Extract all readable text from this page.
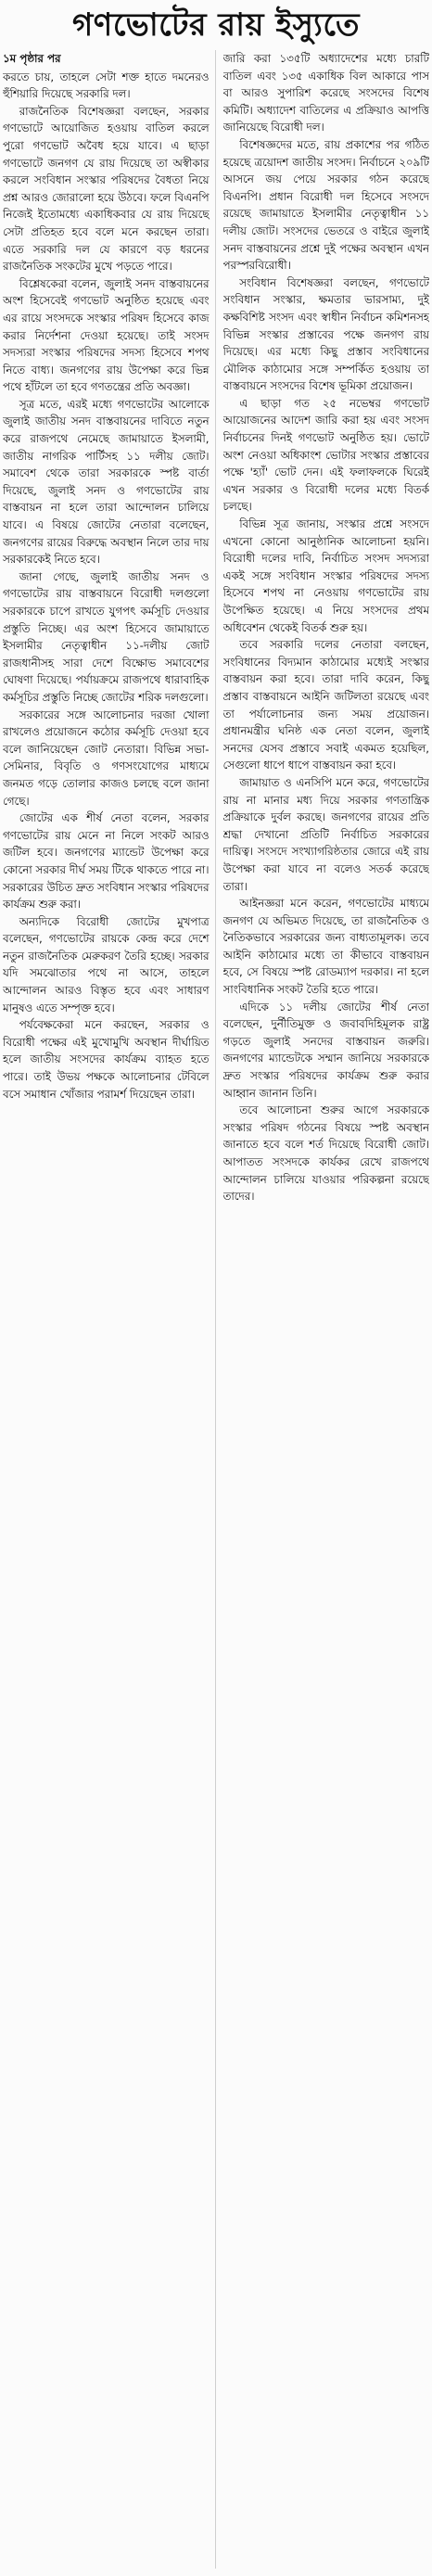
গণভোটের রায় ইস্যুতে
১ম পৃষ্ঠার পর

করতে চায়, তাহলে সেটা শক্ত হাতে দমনেরও হুঁশিয়ারি দিয়েছে সরকারি দল।

রাজনৈতিক বিশেষজ্ঞরা বলছেন, সরকার গণভোটে আয়োজিত হওয়ায় বাতিল করলে পুরো গণভোট অবৈধ হয়ে যাবে। এ ছাড়া গণভোটে জনগণ যে রায় দিয়েছে তা অস্বীকার করলে সংবিধান সংস্কার পরিষদের বৈধতা নিয়ে প্রশ্ন আরও জোরালো হয়ে উঠবে। ফলে বিএনপি নিজেই ইতোমধ্যে একাধিকবার যে রায় দিয়েছে সেটা প্রতিহত হবে বলে মনে করছেন তারা। এতে সরকারি দল যে কারণে বড় ধরনের রাজনৈতিক সংকটের মুখে পড়তে পারে।

বিশ্লেষকেরা বলেন, জুলাই সনদ বাস্তবায়নের অংশ হিসেবেই গণভোট অনুষ্ঠিত হয়েছে এবং এর রায়ে সংসদকে সংস্কার পরিষদ হিসেবে কাজ করার নির্দেশনা দেওয়া হয়েছে। তাই সংসদ সদস্যরা সংস্কার পরিষদের সদস্য হিসেবে শপথ নিতে বাধ্য। জনগণের রায় উপেক্ষা করে ভিন্ন পথে হাঁটলে তা হবে গণতন্ত্রের প্রতি অবজ্ঞা।

সূত্র মতে, এরই মধ্যে গণভোটের আলোকে জুলাই জাতীয় সনদ বাস্তবায়নের দাবিতে নতুন করে রাজপথে নেমেছে জামায়াতে ইসলামী, জাতীয় নাগরিক পার্টিসহ ১১ দলীয় জোট। সমাবেশ থেকে তারা সরকারকে স্পষ্ট বার্তা দিয়েছে, জুলাই সনদ ও গণভোটের রায় বাস্তবায়ন না হলে তারা আন্দোলন চালিয়ে যাবে। এ বিষয়ে জোটের নেতারা বলেছেন, জনগণের রায়ের বিরুদ্ধে অবস্থান নিলে তার দায় সরকারকেই নিতে হবে।

জানা গেছে, জুলাই জাতীয় সনদ ও গণভোটের রায় বাস্তবায়নে বিরোধী দলগুলো সরকারকে চাপে রাখতে যুগপৎ কর্মসূচি দেওয়ার প্রস্তুতি নিচ্ছে। এর অংশ হিসেবে জামায়াতে ইসলামীর নেতৃত্বাধীন ১১-দলীয় জোট রাজধানীসহ সারা দেশে বিক্ষোভ সমাবেশের ঘোষণা দিয়েছে। পর্যায়ক্রমে রাজপথে ধারাবাহিক কর্মসূচির প্রস্তুতি নিচ্ছে জোটের শরিক দলগুলো।

সরকারের সঙ্গে আলোচনার দরজা খোলা রাখলেও প্রয়োজনে কঠোর কর্মসূচি দেওয়া হবে বলে জানিয়েছেন জোট নেতারা। বিভিন্ন সভা-সেমিনার, বিবৃতি ও গণসংযোগের মাধ্যমে জনমত গড়ে তোলার কাজও চলছে বলে জানা গেছে।

জোটের এক শীর্ষ নেতা বলেন, সরকার গণভোটের রায় মেনে না নিলে সংকট আরও জটিল হবে। জনগণের ম্যান্ডেট উপেক্ষা করে কোনো সরকার দীর্ঘ সময় টিকে থাকতে পারে না। সরকারের উচিত দ্রুত সংবিধান সংস্কার পরিষদের কার্যক্রম শুরু করা।

অন্যদিকে বিরোধী জোটের মুখপাত্র বলেছেন, গণভোটের রায়কে কেন্দ্র করে দেশে নতুন রাজনৈতিক মেরুকরণ তৈরি হচ্ছে। সরকার যদি সমঝোতার পথে না আসে, তাহলে আন্দোলন আরও বিস্তৃত হবে এবং সাধারণ মানুষও এতে সম্পৃক্ত হবে।

পর্যবেক্ষকেরা মনে করছেন, সরকার ও বিরোধী পক্ষের এই মুখোমুখি অবস্থান দীর্ঘায়িত হলে জাতীয় সংসদের কার্যক্রম ব্যাহত হতে পারে। তাই উভয় পক্ষকে আলোচনার টেবিলে বসে সমাধান খোঁজার পরামর্শ দিয়েছেন তারা।

জারি করা ১৩৫টি অধ্যাদেশের মধ্যে চারটি বাতিল এবং ১৩৫ একাধিক বিল আকারে পাস বা আরও সুপারিশ করেছে সংসদের বিশেষ কমিটি। অধ্যাদেশ বাতিলের এ প্রক্রিয়াও আপত্তি জানিয়েছে বিরোধী দল।

বিশেষজ্ঞদের মতে, রায় প্রকাশের পর গঠিত হয়েছে ত্রয়োদশ জাতীয় সংসদ। নির্বাচনে ২০৯টি আসনে জয় পেয়ে সরকার গঠন করেছে বিএনপি। প্রধান বিরোধী দল হিসেবে সংসদে রয়েছে জামায়াতে ইসলামীর নেতৃত্বাধীন ১১ দলীয় জোট। সংসদের ভেতরে ও বাইরে জুলাই সনদ বাস্তবায়নের প্রশ্নে দুই পক্ষের অবস্থান এখন পরস্পরবিরোধী।

সংবিধান বিশেষজ্ঞরা বলছেন, গণভোটে সংবিধান সংস্কার, ক্ষমতার ভারসাম্য, দুই কক্ষবিশিষ্ট সংসদ এবং স্বাধীন নির্বাচন কমিশনসহ বিভিন্ন সংস্কার প্রস্তাবের পক্ষে জনগণ রায় দিয়েছে। এর মধ্যে কিছু প্রস্তাব সংবিধানের মৌলিক কাঠামোর সঙ্গে সম্পর্কিত হওয়ায় তা বাস্তবায়নে সংসদের বিশেষ ভূমিকা প্রয়োজন।

এ ছাড়া গত ২৫ নভেম্বর গণভোট আয়োজনের আদেশ জারি করা হয় এবং সংসদ নির্বাচনের দিনই গণভোট অনুষ্ঠিত হয়। ভোটে অংশ নেওয়া অধিকাংশ ভোটার সংস্কার প্রস্তাবের পক্ষে 'হ্যাঁ' ভোট দেন। এই ফলাফলকে ঘিরেই এখন সরকার ও বিরোধী দলের মধ্যে বিতর্ক চলছে।

বিভিন্ন সূত্র জানায়, সংস্কার প্রশ্নে সংসদে এখনো কোনো আনুষ্ঠানিক আলোচনা হয়নি। বিরোধী দলের দাবি, নির্বাচিত সংসদ সদস্যরা একই সঙ্গে সংবিধান সংস্কার পরিষদের সদস্য হিসেবে শপথ না নেওয়ায় গণভোটের রায় উপেক্ষিত হয়েছে। এ নিয়ে সংসদের প্রথম অধিবেশন থেকেই বিতর্ক শুরু হয়।

তবে সরকারি দলের নেতারা বলছেন, সংবিধানের বিদ্যমান কাঠামোর মধ্যেই সংস্কার বাস্তবায়ন করা হবে। তারা দাবি করেন, কিছু প্রস্তাব বাস্তবায়নে আইনি জটিলতা রয়েছে এবং তা পর্যালোচনার জন্য সময় প্রয়োজন। প্রধানমন্ত্রীর ঘনিষ্ঠ এক নেতা বলেন, জুলাই সনদের যেসব প্রস্তাবে সবাই একমত হয়েছিল, সেগুলো ধাপে ধাপে বাস্তবায়ন করা হবে।

জামায়াত ও এনসিপি মনে করে, গণভোটের রায় না মানার মধ্য দিয়ে সরকার গণতান্ত্রিক প্রক্রিয়াকে দুর্বল করছে। জনগণের রায়ের প্রতি শ্রদ্ধা দেখানো প্রতিটি নির্বাচিত সরকারের দায়িত্ব। সংসদে সংখ্যাগরিষ্ঠতার জোরে এই রায় উপেক্ষা করা যাবে না বলেও সতর্ক করেছে তারা।

আইনজ্ঞরা মনে করেন, গণভোটের মাধ্যমে জনগণ যে অভিমত দিয়েছে, তা রাজনৈতিক ও নৈতিকভাবে সরকারের জন্য বাধ্যতামূলক। তবে আইনি কাঠামোর মধ্যে তা কীভাবে বাস্তবায়ন হবে, সে বিষয়ে স্পষ্ট রোডম্যাপ দরকার। না হলে সাংবিধানিক সংকট তৈরি হতে পারে।

এদিকে ১১ দলীয় জোটের শীর্ষ নেতা বলেছেন, দুর্নীতিমুক্ত ও জবাবদিহিমূলক রাষ্ট্র গড়তে জুলাই সনদের বাস্তবায়ন জরুরি। জনগণের ম্যান্ডেটকে সম্মান জানিয়ে সরকারকে দ্রুত সংস্কার পরিষদের কার্যক্রম শুরু করার আহ্বান জানান তিনি।

তবে আলোচনা শুরুর আগে সরকারকে সংস্কার পরিষদ গঠনের বিষয়ে স্পষ্ট অবস্থান জানাতে হবে বলে শর্ত দিয়েছে বিরোধী জোট। আপাতত সংসদকে কার্যকর রেখে রাজপথে আন্দোলন চালিয়ে যাওয়ার পরিকল্পনা রয়েছে তাদের।
